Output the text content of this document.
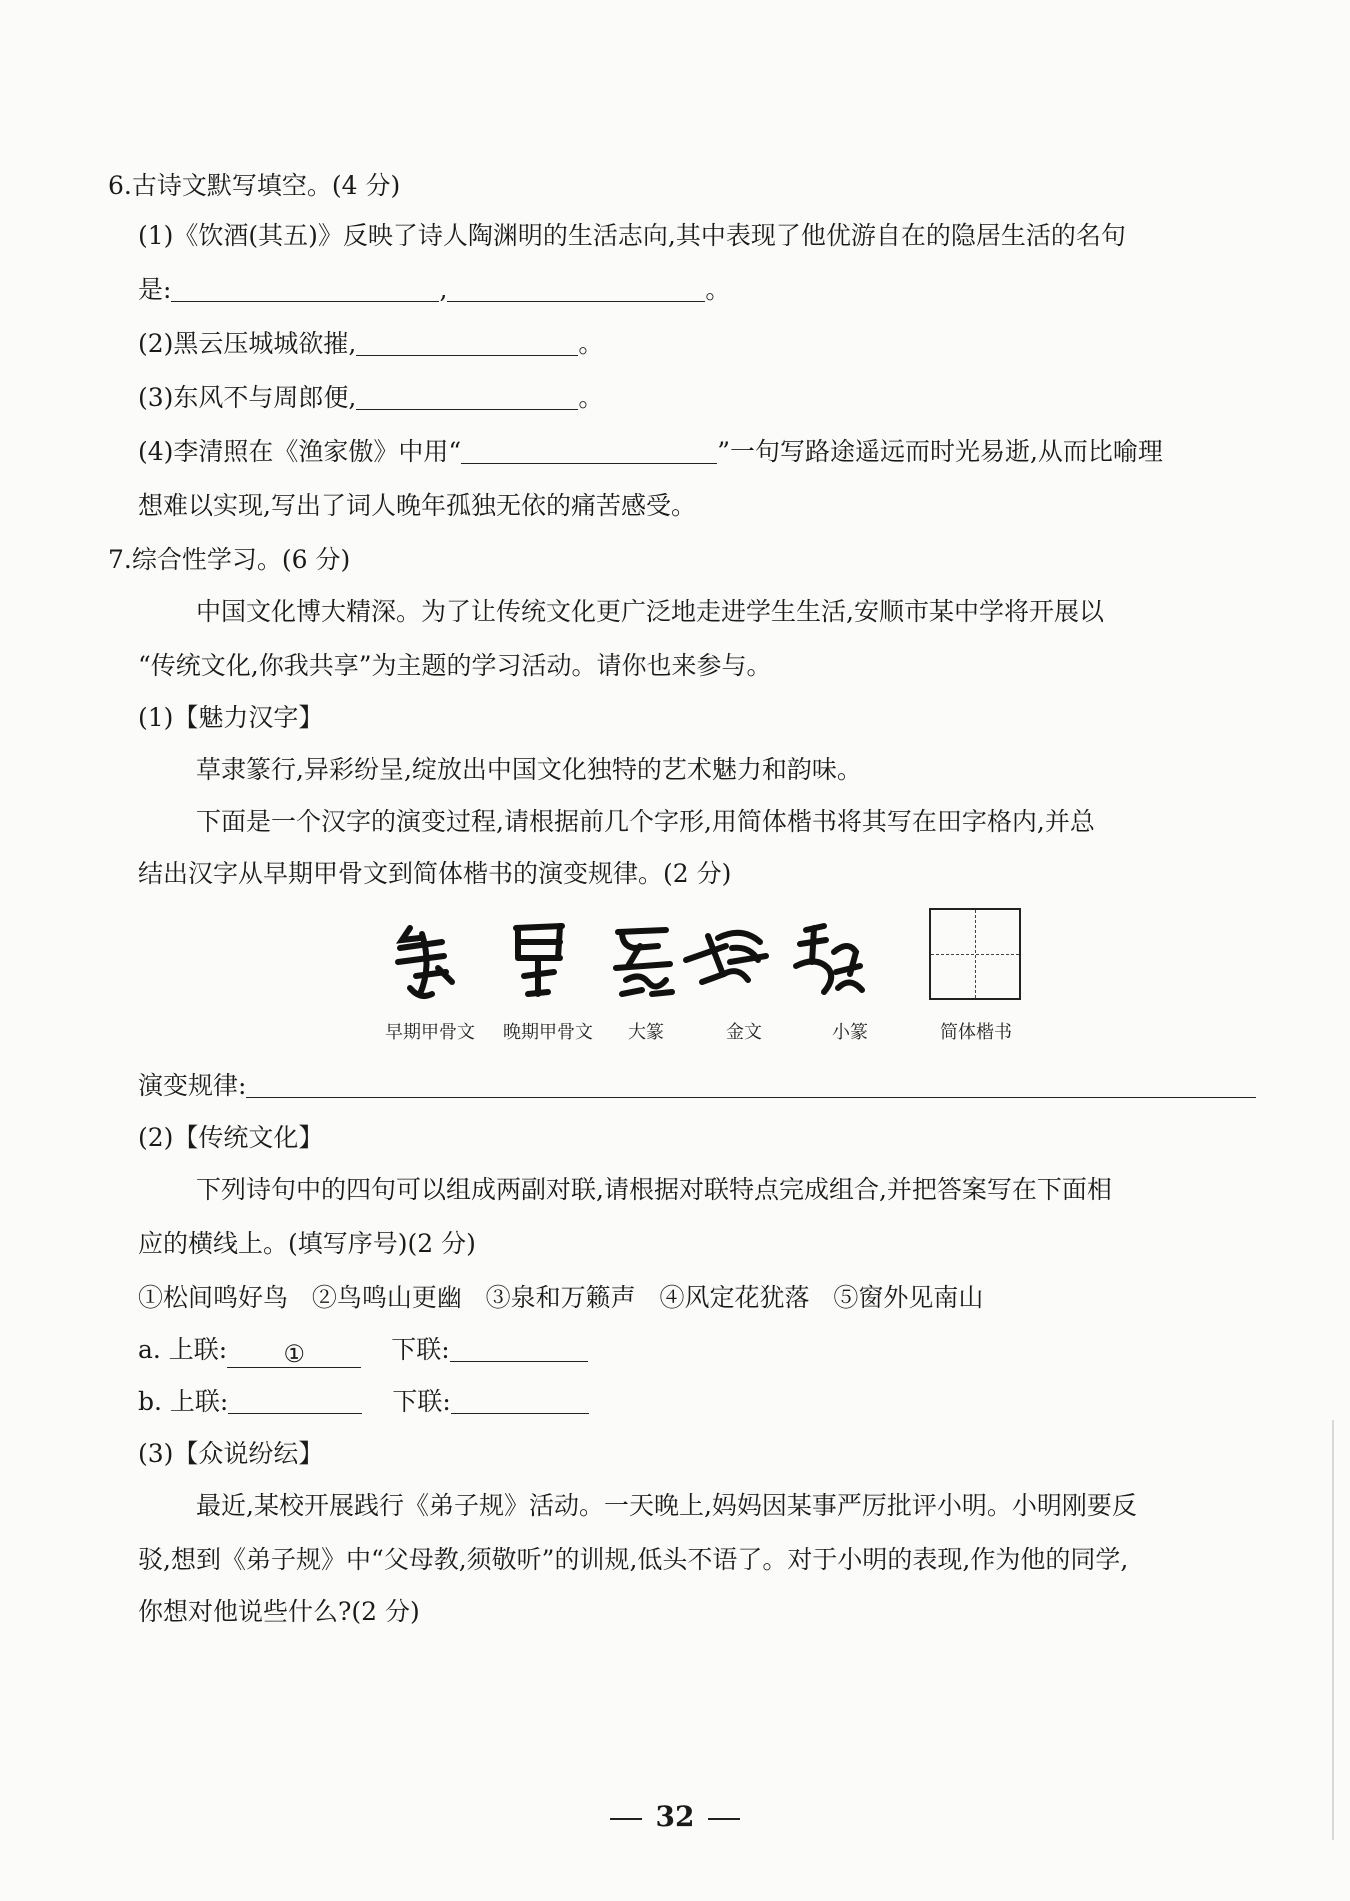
6.古诗文默写填空。(4 分)
(1)《饮酒(其五)》反映了诗人陶渊明的生活志向,其中表现了他优游自在的隐居生活的名句
是:	,	。
(2)黑云压城城欲摧,	。
(3)东风不与周郎便,	。
(4)李清照在《渔家傲》中用“	”一句写路途遥远而时光易逝,从而比喻理
想难以实现,写出了词人晚年孤独无依的痛苦感受。
7.综合性学习。(6 分)
中国文化博大精深。为了让传统文化更广泛地走进学生生活,安顺市某中学将开展以
“传统文化,你我共享”为主题的学习活动。请你也来参与。
(1)【魅力汉字】
草隶篆行,异彩纷呈,绽放出中国文化独特的艺术魅力和韵味。
下面是一个汉字的演变过程,请根据前几个字形,用简体楷书将其写在田字格内,并总
结出汉字从早期甲骨文到简体楷书的演变规律。(2 分)
早期甲骨文	晚期甲骨文	大篆	金文	小篆	简体楷书
演变规律:
(2)【传统文化】
下列诗句中的四句可以组成两副对联,请根据对联特点完成组合,并把答案写在下面相
应的横线上。(填写序号)(2 分)
①松间鸣好鸟   ②鸟鸣山更幽   ③泉和万籁声   ④风定花犹落   ⑤窗外见南山
a. 上联: ①	下联:
b. 上联:	下联:
(3)【众说纷纭】
最近,某校开展践行《弟子规》活动。一天晚上,妈妈因某事严厉批评小明。小明刚要反
驳,想到《弟子规》中“父母教,须敬听”的训规,低头不语了。对于小明的表现,作为他的同学,
你想对他说些什么?(2 分)
32
